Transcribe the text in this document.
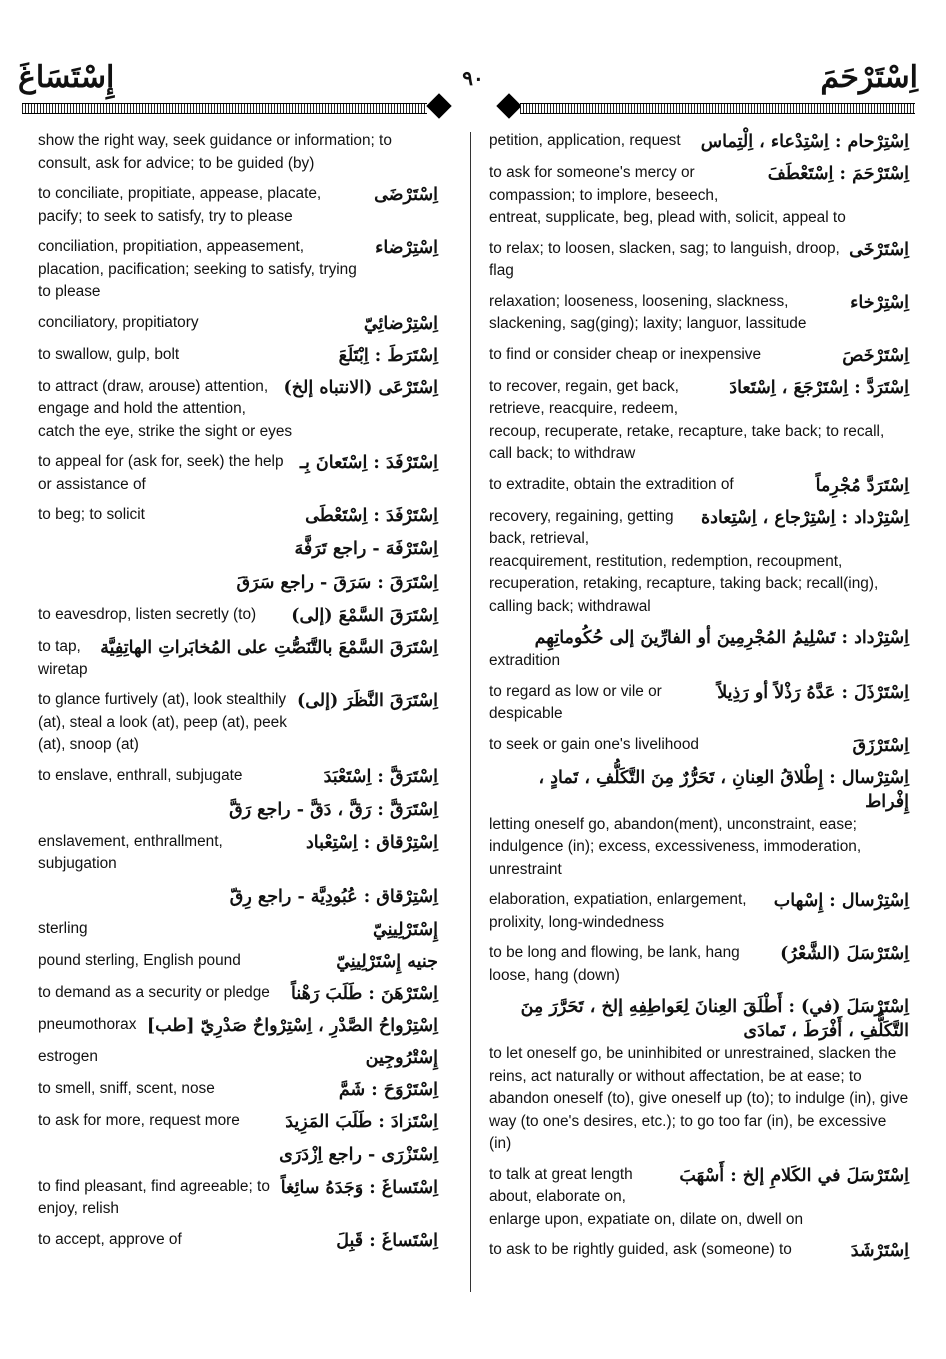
إِسْتَسَاغَ	٩٠	اِسْتَرْحَمَ
show the right way, seek guidance or information; to consult, ask for advice; to be guided (by)
اِسْتَرْضَى
to conciliate, propitiate, appease, placate, pacify; to seek to satisfy, try to please
اِسْتِرْضاء
conciliation, propitiation, appeasement, placation, pacification; seeking to satisfy, trying to please
اِسْتِرْضائِيّ
conciliatory, propitiatory
اِسْتَرَطَ : اِبْتَلَعَ
to swallow, gulp, bolt
اِسْتَرْعَى (الانتباه إلخ)
to attract (draw, arouse) attention, engage and hold the attention, catch the eye, strike the sight or eyes
اِسْتَرْفَدَ : اِسْتَعانَ بِـ
to appeal for (ask for, seek) the help or assistance of
اِسْتَرْفَدَ : اِسْتَعْطَى
to beg; to solicit
اِسْتَرْفَهَ - راجع تَرَفَّهَ
اِسْتَرَقَ : سَرَقَ - راجع سَرَقَ
اِسْتَرَقَ السَّمْعَ (إلى)
to eavesdrop, listen secretly (to)
اِسْتَرَقَ السَّمْعَ بالتَّنَصُّتِ على المُخابَراتِ الهاتِفِيَّة
to tap, wiretap
اِسْتَرَقَ النَّظَرَ (إلى)
to glance furtively (at), look stealthily (at), steal a look (at), peep (at), peek (at), snoop (at)
اِسْتَرَقَّ : اِسْتَعْبَدَ
to enslave, enthrall, subjugate
اِسْتَرَقَّ : رَقَّ ، دَقَّ - راجع رَقَّ
اِسْتِرْقاق : اِسْتِعْباد
enslavement, enthrallment, subjugation
اِسْتِرْقاق : عُبُودِيَّة - راجع رِقّ
إِسْتَرْلِينِيّ
sterling
جنيه إِسْتَرْلِينِيّ
pound sterling, English pound
اِسْتَرْهَنَ : طَلَبَ رَهْناً
to demand as a security or pledge
اِسْتِرْواحُ الصَّدْرِ ، اِسْتِرْواحٌ صَدْرِيّ [طب]
pneumothorax
إِسْتْرُوجِين
estrogen
اِسْتَرْوَحَ : شَمَّ
to smell, sniff, scent, nose
اِسْتَزادَ : طَلَبَ المَزِيدَ
to ask for more, request more
اِسْتَزْرَى - راجع اِزْدَرَى
اِسْتَساغَ : وَجَدَهُ سائِغاً
to find pleasant, find agreeable; to enjoy, relish
اِسْتَساغَ : قَبِلَ
to accept, approve of
اِسْتِرْحام : اِسْتِدْعاء ، اِلْتِماس
petition, application, request
اِسْتَرْحَمَ : اِسْتَعْطَفَ
to ask for someone's mercy or compassion; to implore, beseech, entreat, supplicate, beg, plead with, solicit, appeal to
اِسْتَرْخَى
to relax; to loosen, slacken, sag; to languish, droop, flag
اِسْتِرْخاء
relaxation; looseness, loosening, slackness, slackening, sag(ging); laxity; languor, lassitude
اِسْتَرْخَصَ
to find or consider cheap or inexpensive
اِسْتَرَدَّ : اِسْتَرْجَعَ ، اِسْتَعادَ
to recover, regain, get back, retrieve, reacquire, redeem, recoup, recuperate, retake, recapture, take back; to recall, call back; to withdraw
اِسْتَرَدَّ مُجْرِماً
to extradite, obtain the extradition of
اِسْتِرْداد : اِسْتِرْجاع ، اِسْتِعادة
recovery, regaining, getting back, retrieval, reacquirement, restitution, redemption, recoupment, recuperation, retaking, recapture, taking back; recall(ing), calling back; withdrawal
اِسْتِرْداد : تَسْلِيمُ المُجْرِمِينَ أو الفارِّينَ إلى حُكُوماتِهِم
extradition
اِسْتَرْذَلَ : عَدَّهُ رَذْلاً أو رَذِيلاً
to regard as low or vile or despicable
اِسْتَرْزَقَ
to seek or gain one's livelihood
اِسْتِرْسال : إِطْلاقُ العِنانِ ، تَحَرُّرٌ مِنَ التَّكَلُّفِ ، تَمادٍ ، إِفْراط
letting oneself go, abandon(ment), unconstraint, ease; indulgence (in); excess, excessiveness, immoderation, unrestraint
اِسْتِرْسال : إِسْهاب
elaboration, expatiation, enlargement, prolixity, long-windedness
اِسْتَرْسَلَ (الشَّعْرُ)
to be long and flowing, be lank, hang loose, hang (down)
اِسْتَرْسَلَ (في) : أَطْلَقَ العِنانَ لِعَواطِفِهِ إلخ ، تَحَرَّرَ مِنَ التَّكَلُّفِ ، أَفْرَطَ ، تَمادَى
to let oneself go, be uninhibited or unrestrained, slacken the reins, act naturally or without affectation, be at ease; to abandon oneself (to), give oneself up (to); to indulge (in), give way (to one's desires, etc.); to go too far (in), be excessive (in)
اِسْتَرْسَلَ في الكَلامِ إلخ : أَسْهَبَ
to talk at great length about, elaborate on, enlarge upon, expatiate on, dilate on, dwell on
اِسْتَرْشَدَ
to ask to be rightly guided, ask (someone) to
